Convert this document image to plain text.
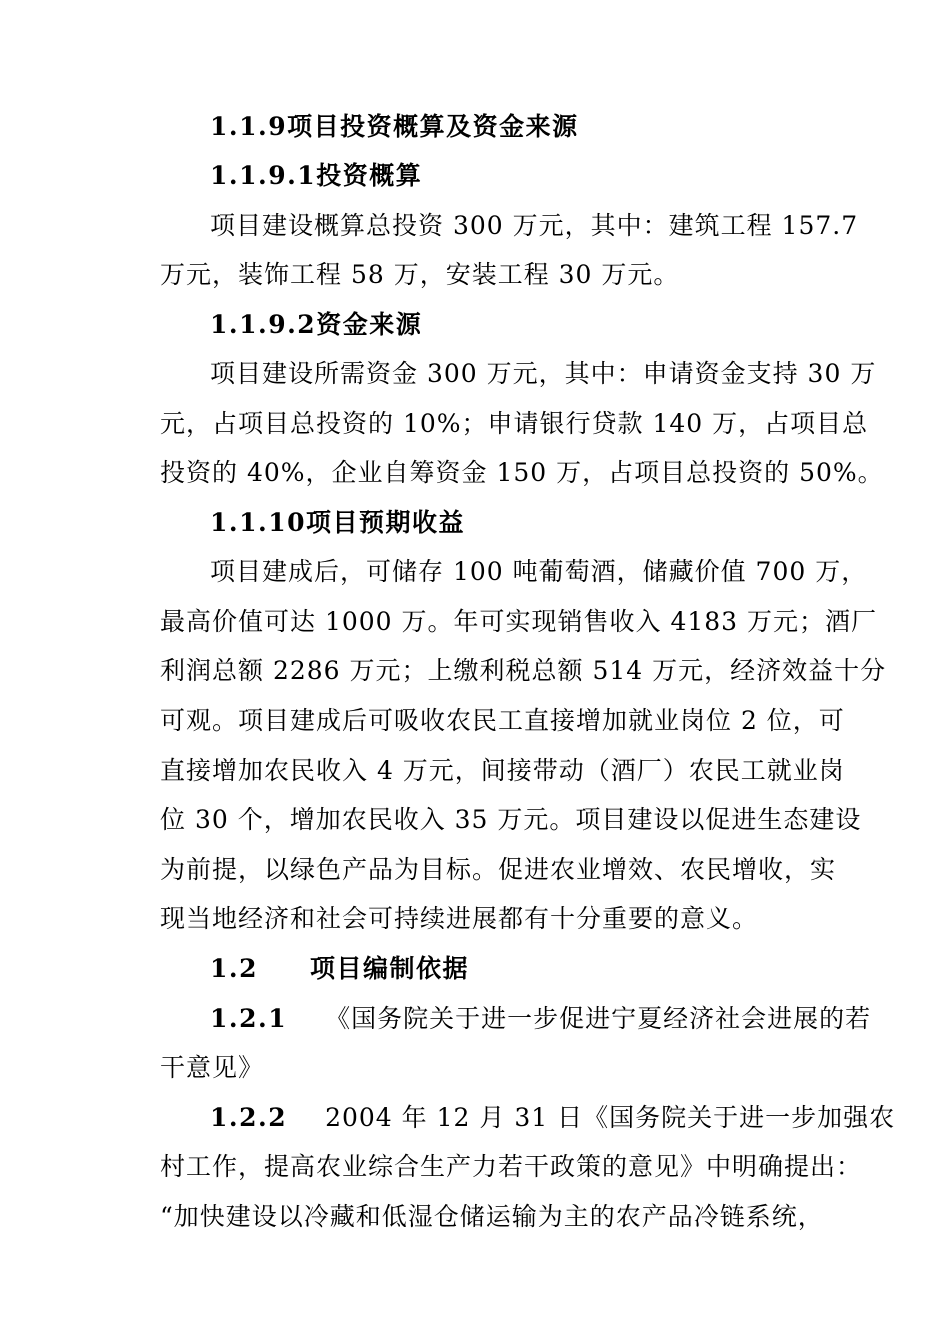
1.1.9项目投资概算及资金来源
1.1.9.1投资概算
项目建设概算总投资 300 万元，其中：建筑工程 157.7
万元，装饰工程 58 万，安装工程 30 万元。
1.1.9.2资金来源
项目建设所需资金 300 万元，其中：申请资金支持 30 万
元，占项目总投资的 10%；申请银行贷款 140 万，占项目总
投资的 40%，企业自筹资金 150 万，占项目总投资的 50%。
1.1.10项目预期收益
项目建成后，可储存 100 吨葡萄酒，储藏价值 700 万，
最高价值可达 1000 万。年可实现销售收入 4183 万元；酒厂
利润总额 2286 万元；上缴利税总额 514 万元，经济效益十分
可观。项目建成后可吸收农民工直接增加就业岗位 2 位，可
直接增加农民收入 4 万元，间接带动（酒厂）农民工就业岗
位 30 个，增加农民收入 35 万元。项目建设以促进生态建设
为前提，以绿色产品为目标。促进农业增效、农民增收，实
现当地经济和社会可持续进展都有十分重要的意义。
1.2 项目编制依据
1.2.1 《国务院关于进一步促进宁夏经济社会进展的若
干意见》
1.2.2 2004 年 12 月 31 日《国务院关于进一步加强农
村工作，提高农业综合生产力若干政策的意见》中明确提出：
“加快建设以冷藏和低湿仓储运输为主的农产品冷链系统，
